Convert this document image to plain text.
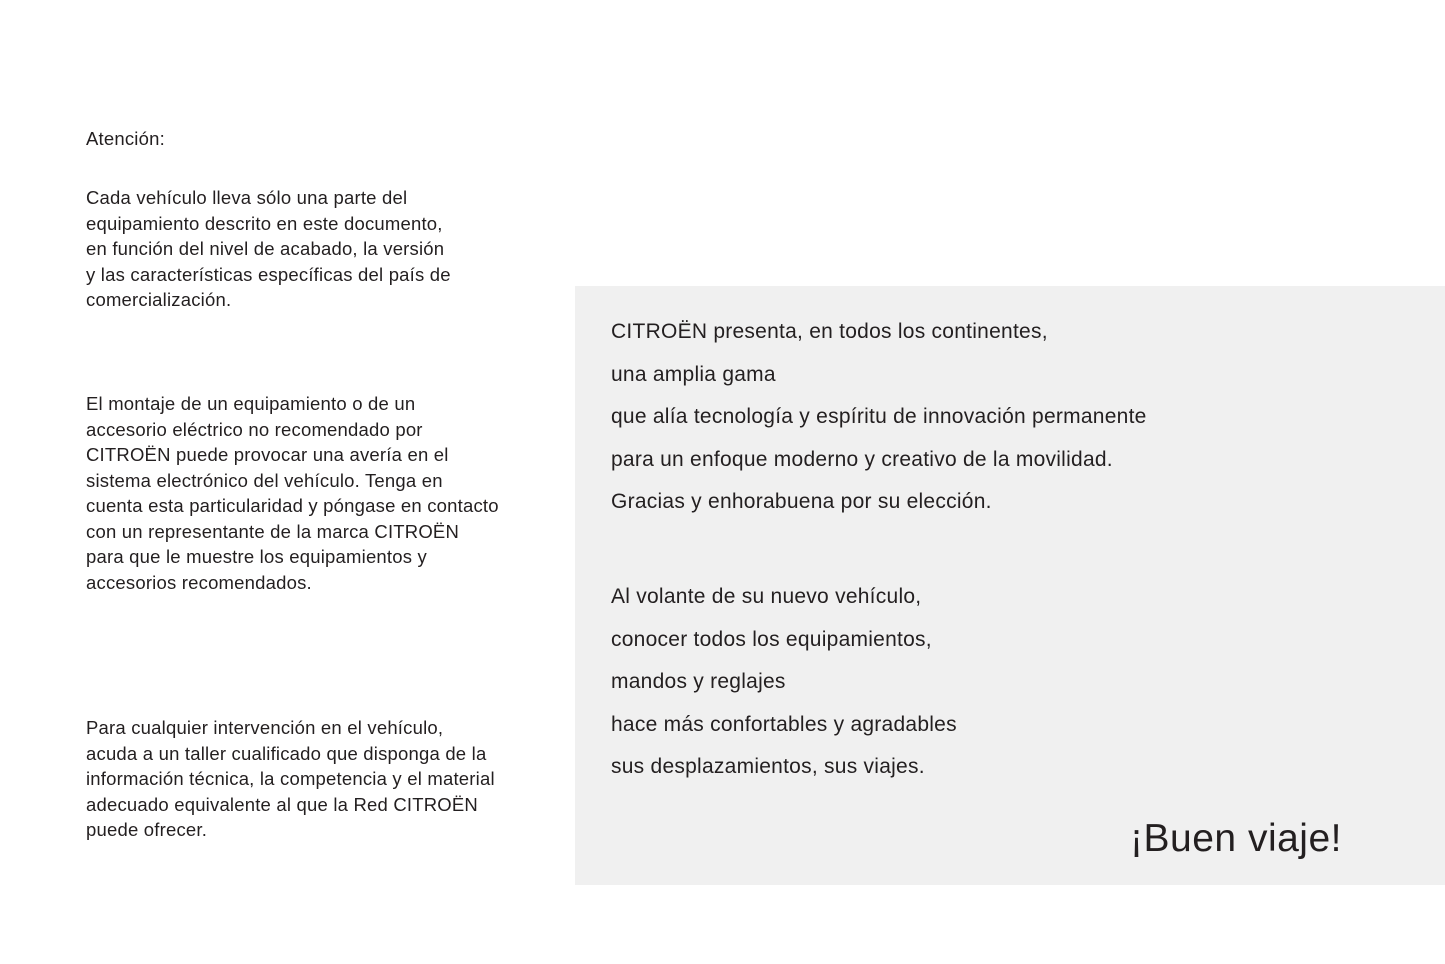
Atención:

Cada vehículo lleva sólo una parte del
equipamiento descrito en este documento,
en función del nivel de acabado, la versión
y las características específicas del país de
comercialización.

El montaje de un equipamiento o de un
accesorio eléctrico no recomendado por
CITROËN puede provocar una avería en el
sistema electrónico del vehículo. Tenga en
cuenta esta particularidad y póngase en contacto
con un representante de la marca CITROËN
para que le muestre los equipamientos y
accesorios recomendados.

Para cualquier intervención en el vehículo,
acuda a un taller cualificado que disponga de la
información técnica, la competencia y el material
adecuado equivalente al que la Red CITROËN
puede ofrecer.

CITROËN presenta, en todos los continentes,
una amplia gama
que alía tecnología y espíritu de innovación permanente
para un enfoque moderno y creativo de la movilidad.
Gracias y enhorabuena por su elección.

Al volante de su nuevo vehículo,
conocer todos los equipamientos,
mandos y reglajes
hace más confortables y agradables
sus desplazamientos, sus viajes.

¡Buen viaje!
